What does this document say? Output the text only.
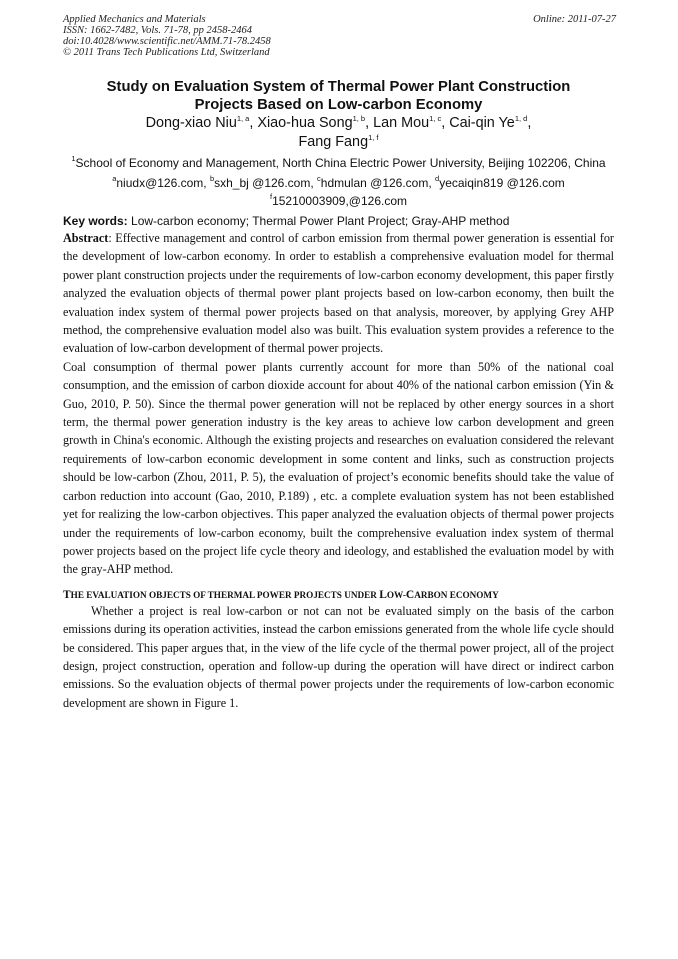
Applied Mechanics and Materials
ISSN: 1662-7482, Vols. 71-78, pp 2458-2464
doi:10.4028/www.scientific.net/AMM.71-78.2458
© 2011 Trans Tech Publications Ltd, Switzerland
Online: 2011-07-27
Study on Evaluation System of Thermal Power Plant Construction
Projects Based on Low-carbon Economy
Dong-xiao Niu$^{1, a}$, Xiao-hua Song$^{1, b}$, Lan Mou$^{1, c}$, Cai-qin Ye$^{1, d}$,
Fang Fang$^{1, f}$
$^1$School of Economy and Management, North China Electric Power University, Beijing 102206, China
$^a$niudx@126.com, $^b$sxh_bj @126.com, $^c$hdmulan @126.com, $^d$yecaiqin819 @126.com
$^f$15210003909,@126.com
Key words: Low-carbon economy; Thermal Power Plant Project; Gray-AHP method

Abstract: Effective management and control of carbon emission from thermal power generation is essential for the development of low-carbon economy. In order to establish a comprehensive evaluation model for thermal power plant construction projects under the requirements of low-carbon economy development, this paper firstly analyzed the evaluation objects of thermal power plant projects based on low-carbon economy, then built the evaluation index system of thermal power projects based on that analysis, moreover, by applying Grey AHP method, the comprehensive evaluation model also was built. This evaluation system provides a reference to the evaluation of low-carbon development of thermal power projects.

Coal consumption of thermal power plants currently account for more than 50% of the national coal consumption, and the emission of carbon dioxide account for about 40% of the national carbon emission (Yin & Guo, 2010, P. 50). Since the thermal power generation will not be replaced by other energy sources in a short term, the thermal power generation industry is the key areas to achieve low carbon development and green growth in China's economic. Although the existing projects and researches on evaluation considered the relevant requirements of low-carbon economic development in some content and links, such as construction projects should be low-carbon (Zhou, 2011, P. 5), the evaluation of project’s economic benefits should take the value of carbon reduction into account (Gao, 2010, P.189) , etc. a complete evaluation system has not been established yet for realizing the low-carbon objectives. This paper analyzed the evaluation objects of thermal power projects under the requirements of low-carbon economy, built the comprehensive evaluation index system of thermal power projects based on the project life cycle theory and ideology, and established the evaluation model by with the gray-AHP method.

THE EVALUATION OBJECTS OF THERMAL POWER PROJECTS UNDER LOW-CARBON ECONOMY

Whether a project is real low-carbon or not can not be evaluated simply on the basis of the carbon emissions during its operation activities, instead the carbon emissions generated from the whole life cycle should be considered. This paper argues that, in the view of the life cycle of the thermal power project, all of the project design, project construction, operation and follow-up during the operation will have direct or indirect carbon emissions. So the evaluation objects of thermal power projects under the requirements of low-carbon economic development are shown in Figure 1.
